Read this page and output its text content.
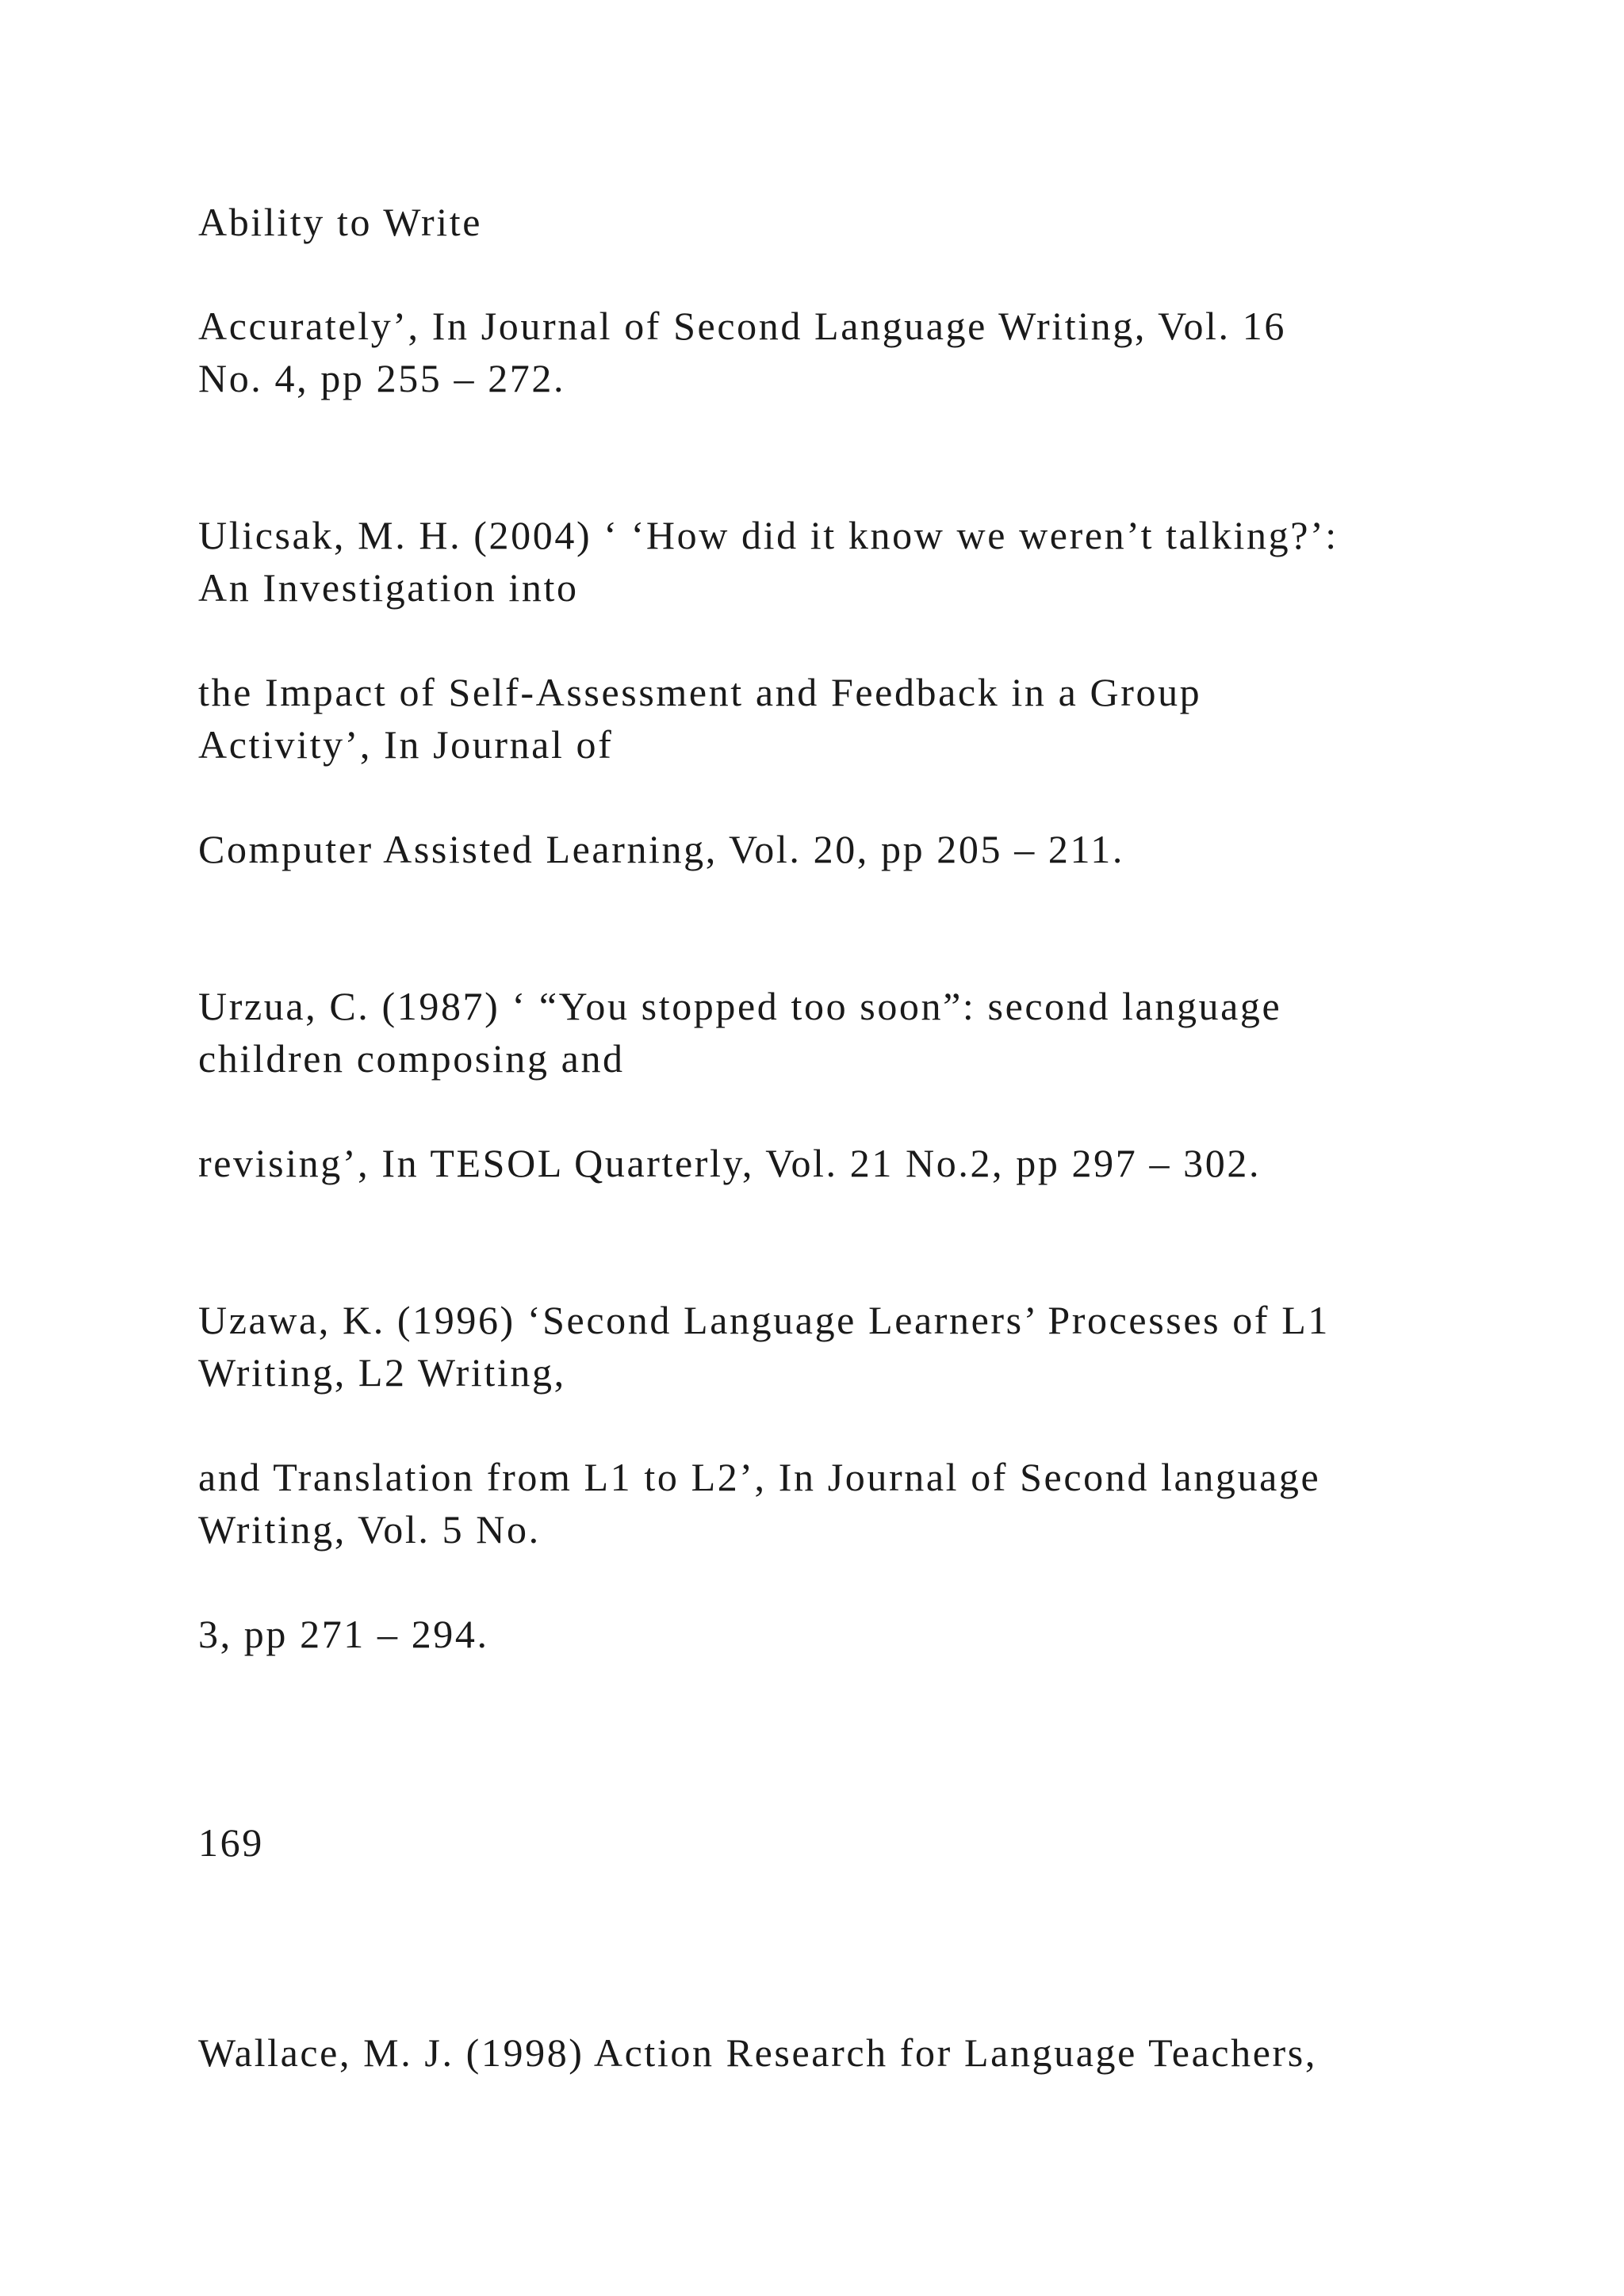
Ability to Write

Accurately’, In Journal of Second Language Writing, Vol. 16

No. 4, pp 255 – 272.

Ulicsak, M. H. (2004) ‘ ‘How did it know we weren’t talking?’:

An Investigation into

the Impact of Self-Assessment and Feedback in a Group

Activity’, In Journal of

Computer Assisted Learning, Vol. 20, pp 205 – 211.

Urzua, C. (1987) ‘ “You stopped too soon”: second language

children composing and

revising’, In TESOL Quarterly, Vol. 21 No.2, pp 297 – 302.

Uzawa, K. (1996) ‘Second Language Learners’ Processes of L1

Writing, L2 Writing,

and Translation from L1 to L2’, In Journal of Second language

Writing, Vol. 5 No.

3, pp 271 – 294.

169

Wallace, M. J. (1998) Action Research for Language Teachers,
